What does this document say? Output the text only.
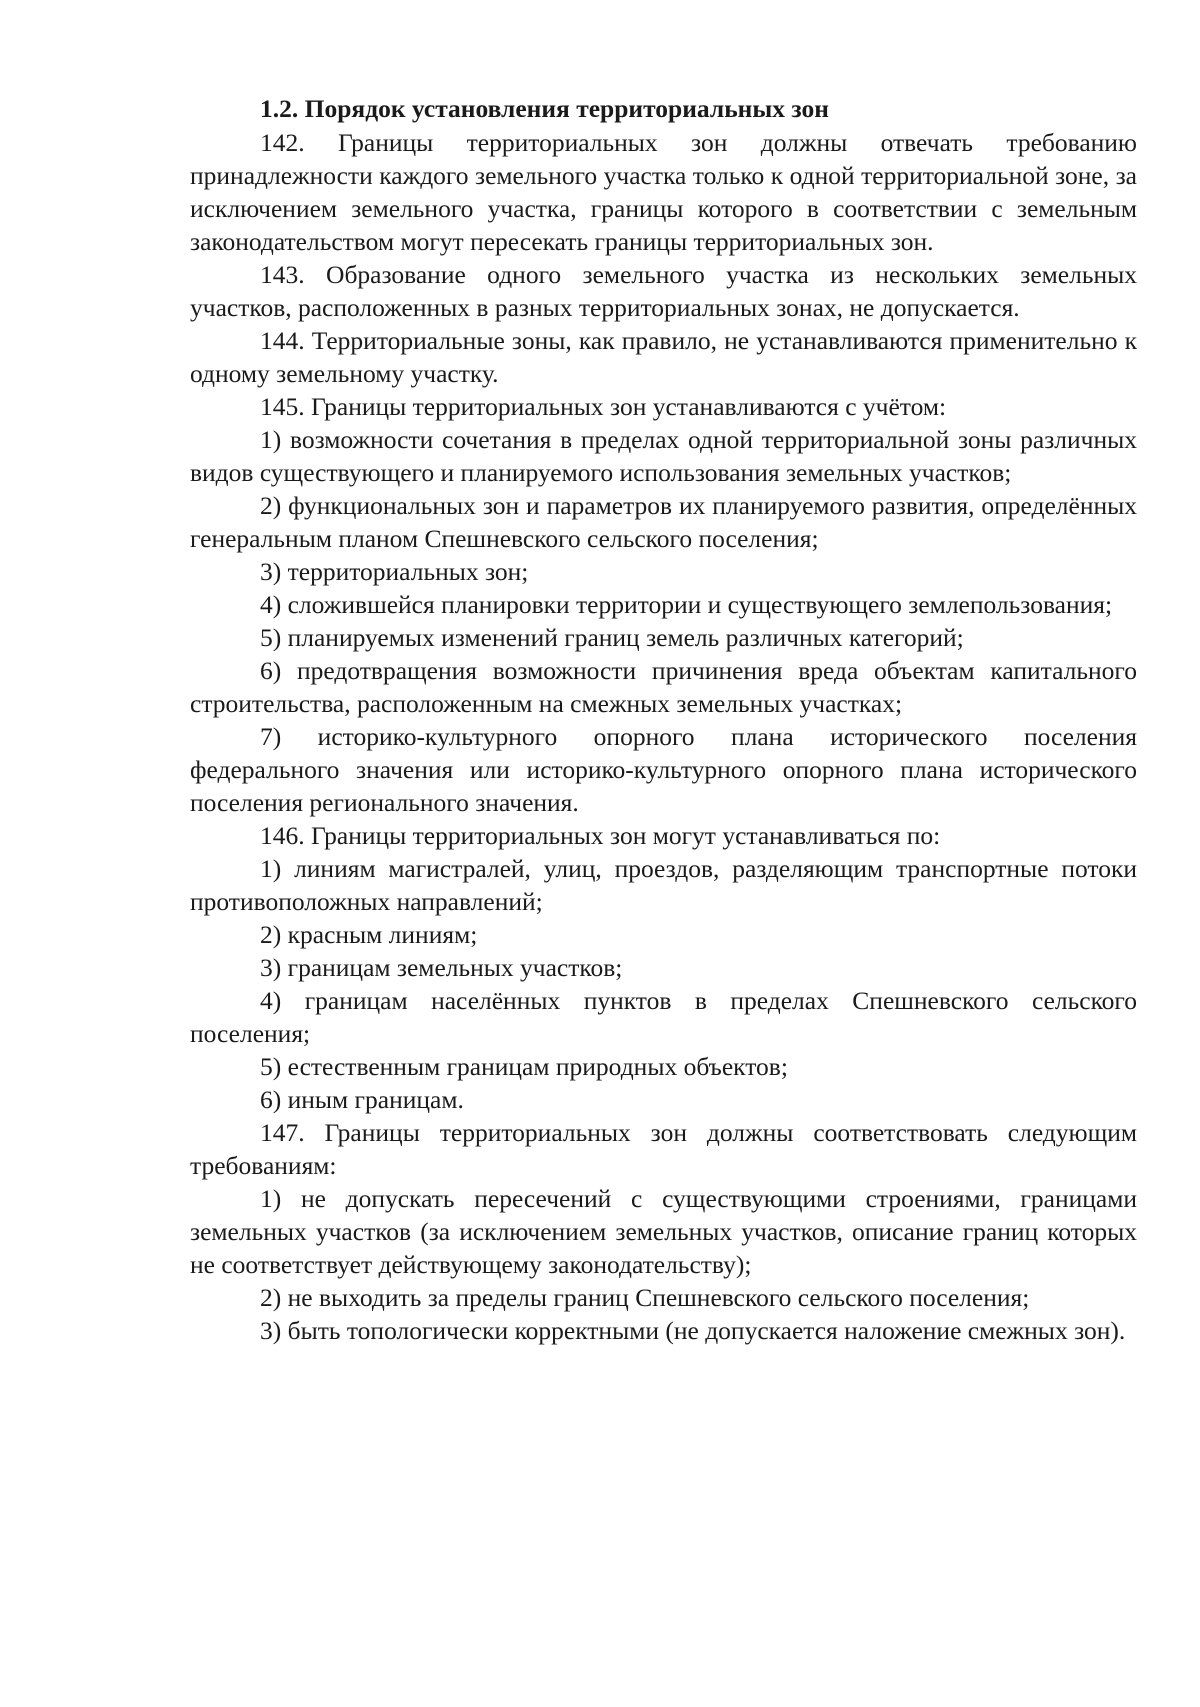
1.2. Порядок установления территориальных зон

142. Границы территориальных зон должны отвечать требованию принадлежности каждого земельного участка только к одной территориальной зоне, за исключением земельного участка, границы которого в соответствии с земельным законодательством могут пересекать границы территориальных зон.

143. Образование одного земельного участка из нескольких земельных участков, расположенных в разных территориальных зонах, не допускается.

144. Территориальные зоны, как правило, не устанавливаются применительно к одному земельному участку.

145. Границы территориальных зон устанавливаются с учётом:

1) возможности сочетания в пределах одной территориальной зоны различных видов существующего и планируемого использования земельных участков;

2) функциональных зон и параметров их планируемого развития, определённых генеральным планом Спешневского сельского поселения;

3) территориальных зон;

4) сложившейся планировки территории и существующего землепользования;

5) планируемых изменений границ земель различных категорий;

6) предотвращения возможности причинения вреда объектам капитального строительства, расположенным на смежных земельных участках;

7) историко-культурного опорного плана исторического поселения федерального значения или историко-культурного опорного плана исторического поселения регионального значения.

146. Границы территориальных зон могут устанавливаться по:

1) линиям магистралей, улиц, проездов, разделяющим транспортные потоки противоположных направлений;

2) красным линиям;

3) границам земельных участков;

4) границам населённых пунктов в пределах Спешневского сельского поселения;

5) естественным границам природных объектов;

6) иным границам.

147. Границы территориальных зон должны соответствовать следующим требованиям:

1) не допускать пересечений с существующими строениями, границами земельных участков (за исключением земельных участков, описание границ которых не соответствует действующему законодательству);

2) не выходить за пределы границ Спешневского сельского поселения;

3) быть топологически корректными (не допускается наложение смежных зон).
